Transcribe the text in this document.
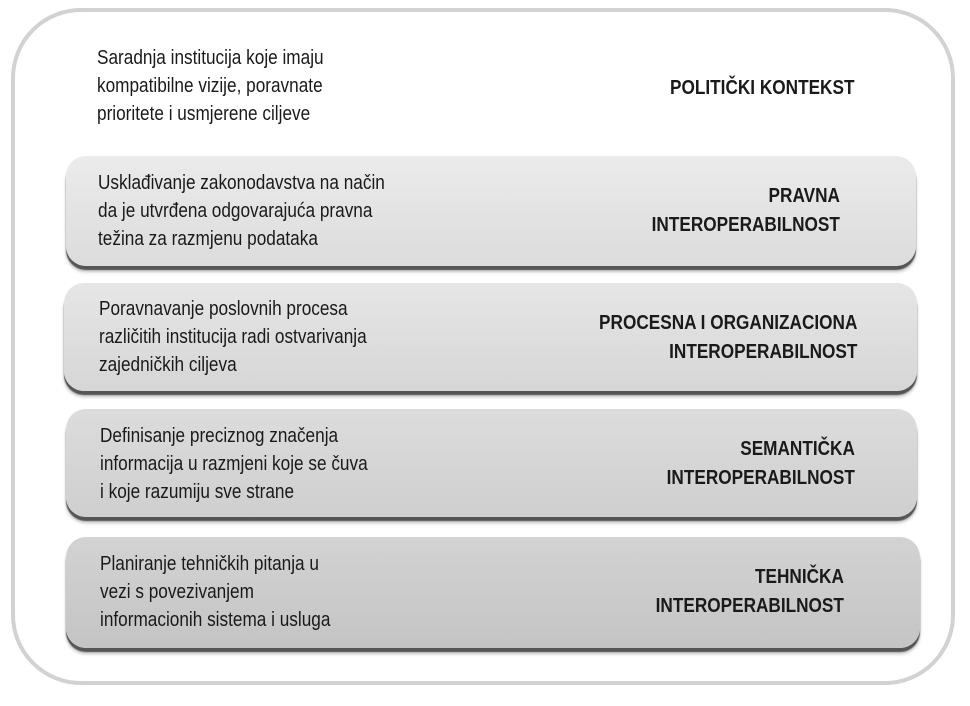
Saradnja institucija koje imaju
kompatibilne vizije, poravnate
prioritete i usmjerene ciljeve
POLITIČKI KONTEKST
Usklađivanje zakonodavstva na način
da je utvrđena odgovarajuća pravna
težina za razmjenu podataka
PRAVNA
INTEROPERABILNOST
Poravnavanje poslovnih procesa
različitih institucija radi ostvarivanja
zajedničkih ciljeva
PROCESNA I ORGANIZACIONA
INTEROPERABILNOST
Definisanje preciznog značenja
informacija u razmjeni koje se čuva
i koje razumiju sve strane
SEMANTIČKA
INTEROPERABILNOST
Planiranje tehničkih pitanja u
vezi s povezivanjem
informacionih sistema i usluga
TEHNIČKA
INTEROPERABILNOST
